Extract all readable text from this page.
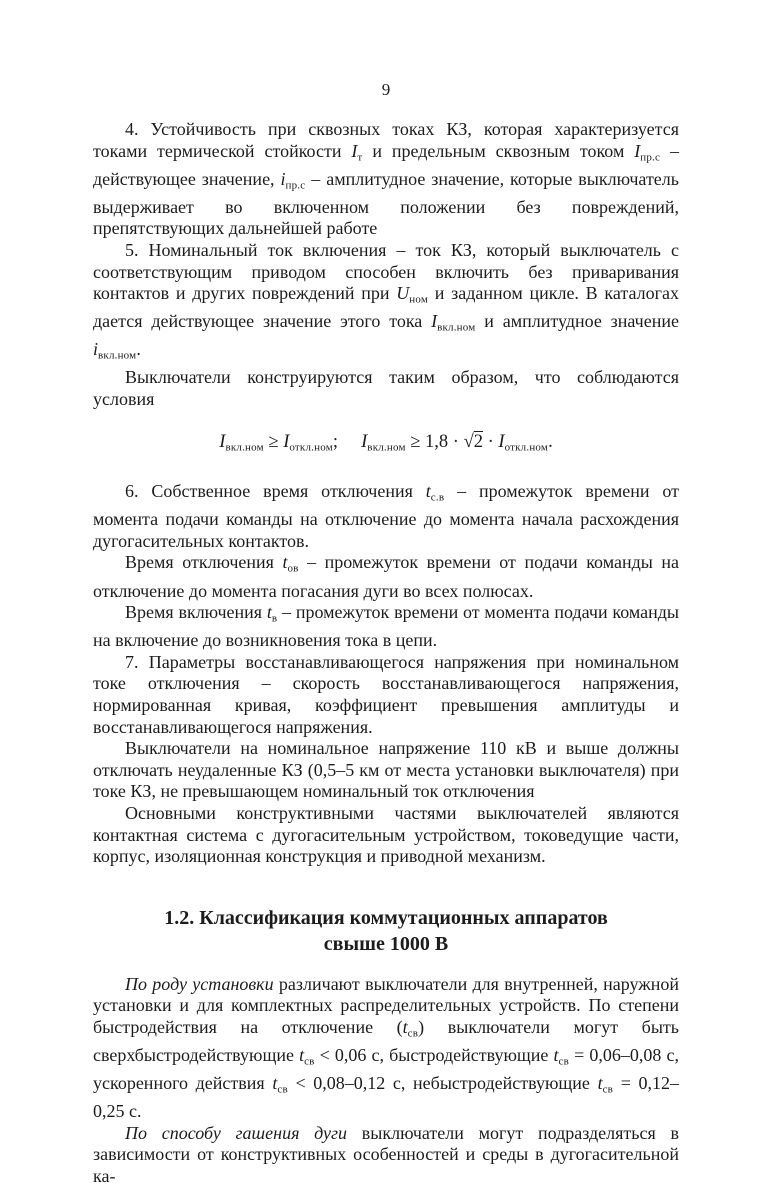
9

4. Устойчивость при сквозных токах КЗ, которая характеризуется токами термической стойкости Iт и предельным сквозным током Iпр.с – действующее значение, iпр.с – амплитудное значение, которые выключатель выдерживает во включенном положении без повреждений, препятствующих дальнейшей работе

5. Номинальный ток включения – ток КЗ, который выключатель с соответствующим приводом способен включить без приваривания контактов и других повреждений при Uном и заданном цикле. В каталогах дается действующее значение этого тока Iвкл.ном и амплитудное значение iвкл.ном.

Выключатели конструируются таким образом, что соблюдаются условия

Iвкл.ном ≥ Iоткл.ном;  Iвкл.ном ≥ 1,8 · √ 2 · Iоткл.ном.

6. Собственное время отключения tс.в – промежуток времени от момента подачи команды на отключение до момента начала расхождения дугогасительных контактов.

Время отключения tов – промежуток времени от подачи команды на отключение до момента погасания дуги во всех полюсах.

Время включения tв – промежуток времени от момента подачи команды на включение до возникновения тока в цепи.

7. Параметры восстанавливающегося напряжения при номинальном токе отключения – скорость восстанавливающегося напряжения, нормированная кривая, коэффициент превышения амплитуды и восстанавливающегося напряжения.

Выключатели на номинальное напряжение 110 кВ и выше должны отключать неудаленные КЗ (0,5–5 км от места установки выключателя) при токе КЗ, не превышающем номинальный ток отключения

Основными конструктивными частями выключателей являются контактная система с дугогасительным устройством, токоведущие части, корпус, изоляционная конструкция и приводной механизм.

1.2. Классификация коммутационных аппаратов
свыше 1000 В

По роду установки различают выключатели для внутренней, наружной установки и для комплектных распределительных устройств. По степени быстродействия на отключение (tсв) выключатели могут быть сверхбыстродействующие tсв < 0,06 с, быстродействующие tсв = 0,06–0,08 с, ускоренного действия tсв < 0,08–0,12 с, небыстродействующие tсв = 0,12–0,25 с.

По способу гашения дуги выключатели могут подразделяться в зависимости от конструктивных особенностей и среды в дугогасительной ка-
